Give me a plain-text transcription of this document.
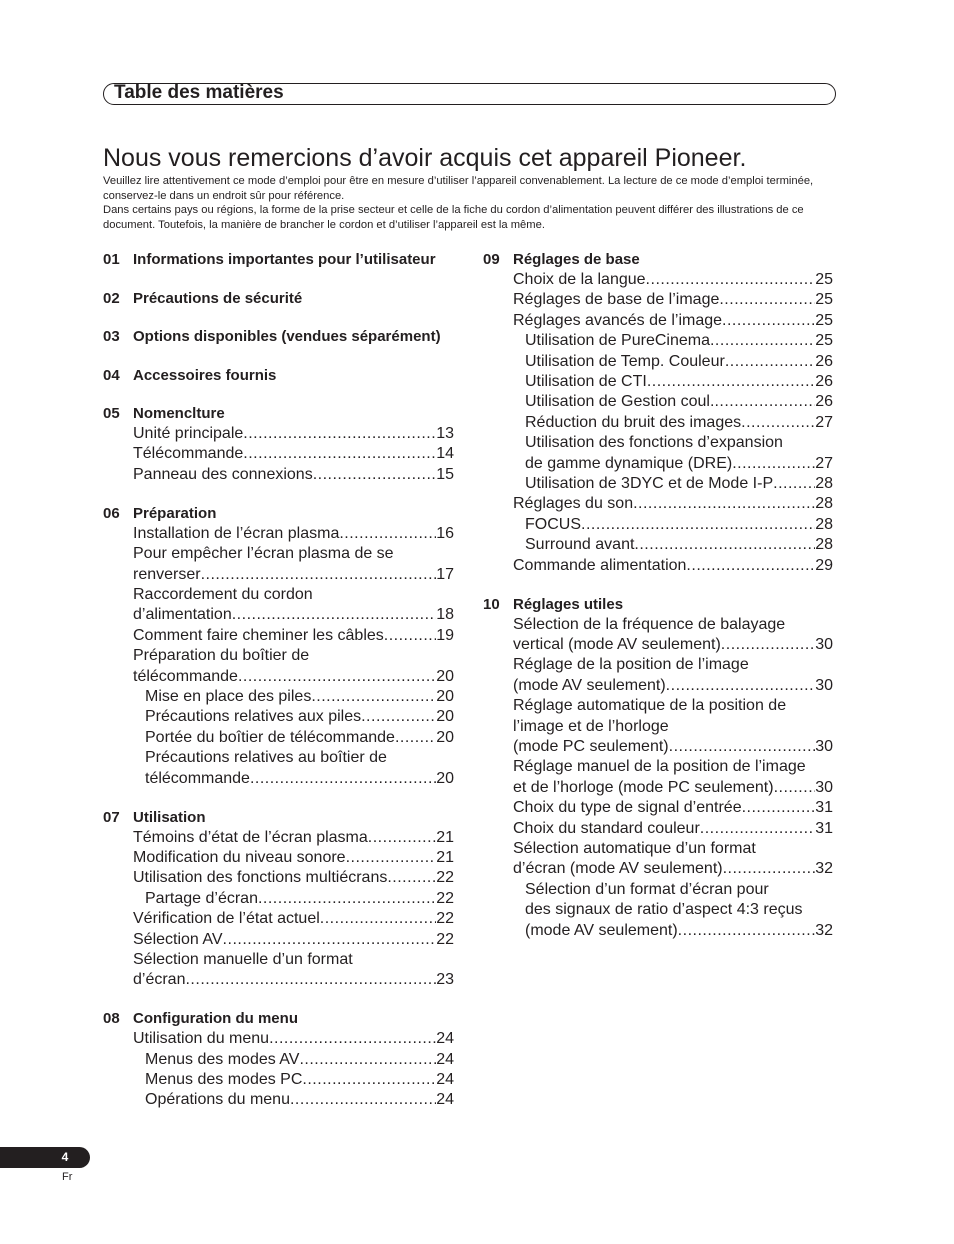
Table des matières
Nous vous remercions d’avoir acquis cet appareil Pioneer.

Veuillez lire attentivement ce mode d’emploi pour être en mesure d’utiliser l’appareil convenablement. La lecture de ce mode d’emploi terminée, conservez-le dans un endroit sûr pour référence.

Dans certains pays ou régions, la forme de la prise secteur et celle de la fiche du cordon d’alimentation peuvent différer des illustrations de ce document. Toutefois, la manière de brancher le cordon et d’utiliser l’appareil est la même.

01 Informations importantes pour l’utilisateur
02 Précautions de sécurité
03 Options disponibles (vendues séparément)
04 Accessoires fournis
05 Nomenclture
Unité principale .....	13
Télécommande .....	14
Panneau des connexions .....	15
06 Préparation
Installation de l’écran plasma .....	16
Pour empêcher l’écran plasma de se
renverser .....	17
Raccordement du cordon
d’alimentation .....	18
Comment faire cheminer les câbles .....	19
Préparation du boîtier de
télécommande .....	20
Mise en place des piles .....	20
Précautions relatives aux piles .....	20
Portée du boîtier de télécommande .....	20
Précautions relatives au boîtier de
télécommande .....	20
07 Utilisation
Témoins d’état de l’écran plasma .....	21
Modification du niveau sonore .....	21
Utilisation des fonctions multiécrans .....	22
Partage d’écran .....	22
Vérification de l’état actuel .....	22
Sélection AV .....	22
Sélection manuelle d’un format
d’écran .....	23
08 Configuration du menu
Utilisation du menu .....	24
Menus des modes AV .....	24
Menus des modes PC .....	24
Opérations du menu .....	24
09 Réglages de base
Choix de la langue .....	25
Réglages de base de l’image .....	25
Réglages avancés de l’image .....	25
Utilisation de PureCinema .....	25
Utilisation de Temp. Couleur .....	26
Utilisation de CTI .....	26
Utilisation de Gestion coul. .....	26
Réduction du bruit des images .....	27
Utilisation des fonctions d’expansion
de gamme dynamique (DRE) .....	27
Utilisation de 3DYC et de Mode I-P .....	28
Réglages du son .....	28
FOCUS .....	28
Surround avant .....	28
Commande alimentation .....	29
10 Réglages utiles
Sélection de la fréquence de balayage
vertical (mode AV seulement) .....	30
Réglage de la position de l’image
(mode AV seulement) .....	30
Réglage automatique de la position de
l’image et de l’horloge
(mode PC seulement) .....	30
Réglage manuel de la position de l’image
et de l’horloge (mode PC seulement) .....	30
Choix du type de signal d’entrée .....	31
Choix du standard couleur .....	31
Sélection automatique d’un format
d’écran (mode AV seulement) .....	32
Sélection d’un format d’écran pour
des signaux de ratio d’aspect 4:3 reçus
(mode AV seulement) .....	32
4
Fr
